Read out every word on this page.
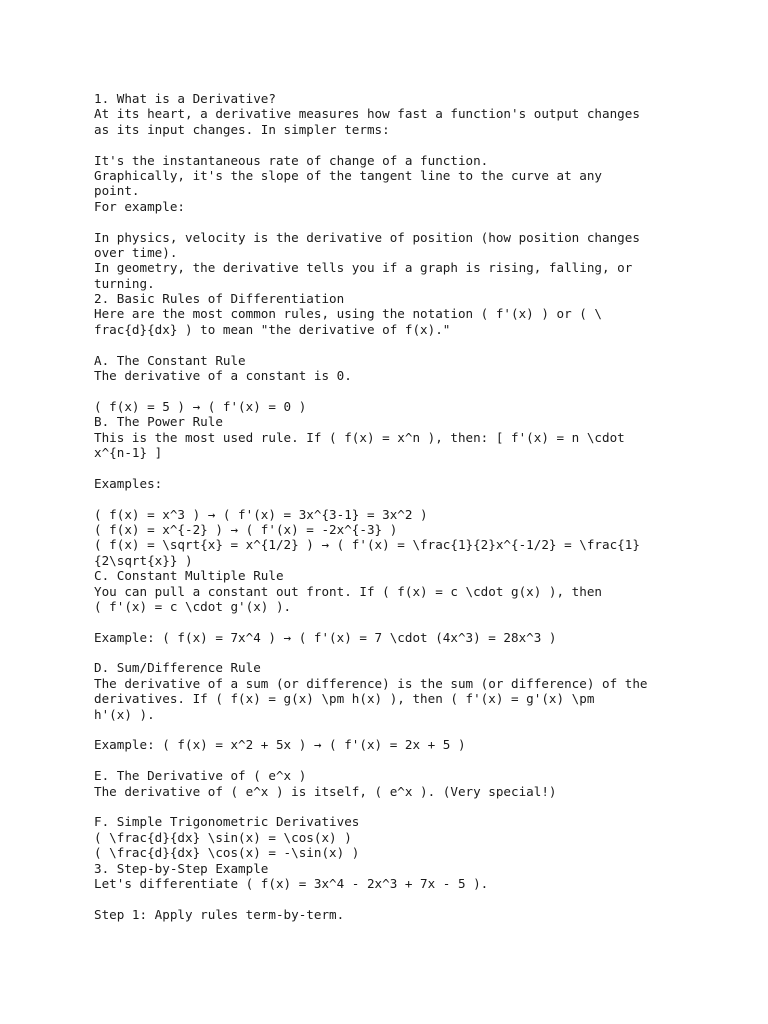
1. What is a Derivative?
At its heart, a derivative measures how fast a function's output changes
as its input changes. In simpler terms:
It's the instantaneous rate of change of a function.
Graphically, it's the slope of the tangent line to the curve at any
point.
For example:
In physics, velocity is the derivative of position (how position changes
over time).
In geometry, the derivative tells you if a graph is rising, falling, or
turning.
2. Basic Rules of Differentiation
Here are the most common rules, using the notation ( f'(x) ) or ( \
frac{d}{dx} ) to mean "the derivative of f(x)."
A. The Constant Rule
The derivative of a constant is 0.
( f(x) = 5 ) → ( f'(x) = 0 )
B. The Power Rule
This is the most used rule. If ( f(x) = x^n ), then: [ f'(x) = n \cdot
x^{n-1} ]
Examples:
( f(x) = x^3 ) → ( f'(x) = 3x^{3-1} = 3x^2 )
( f(x) = x^{-2} ) → ( f'(x) = -2x^{-3} )
( f(x) = \sqrt{x} = x^{1/2} ) → ( f'(x) = \frac{1}{2}x^{-1/2} = \frac{1}
{2\sqrt{x}} )
C. Constant Multiple Rule
You can pull a constant out front. If ( f(x) = c \cdot g(x) ), then
( f'(x) = c \cdot g'(x) ).
Example: ( f(x) = 7x^4 ) → ( f'(x) = 7 \cdot (4x^3) = 28x^3 )
D. Sum/Difference Rule
The derivative of a sum (or difference) is the sum (or difference) of the
derivatives. If ( f(x) = g(x) \pm h(x) ), then ( f'(x) = g'(x) \pm
h'(x) ).
Example: ( f(x) = x^2 + 5x ) → ( f'(x) = 2x + 5 )
E. The Derivative of ( e^x )
The derivative of ( e^x ) is itself, ( e^x ). (Very special!)
F. Simple Trigonometric Derivatives
( \frac{d}{dx} \sin(x) = \cos(x) )
( \frac{d}{dx} \cos(x) = -\sin(x) )
3. Step-by-Step Example
Let's differentiate ( f(x) = 3x^4 - 2x^3 + 7x - 5 ).
Step 1: Apply rules term-by-term.
